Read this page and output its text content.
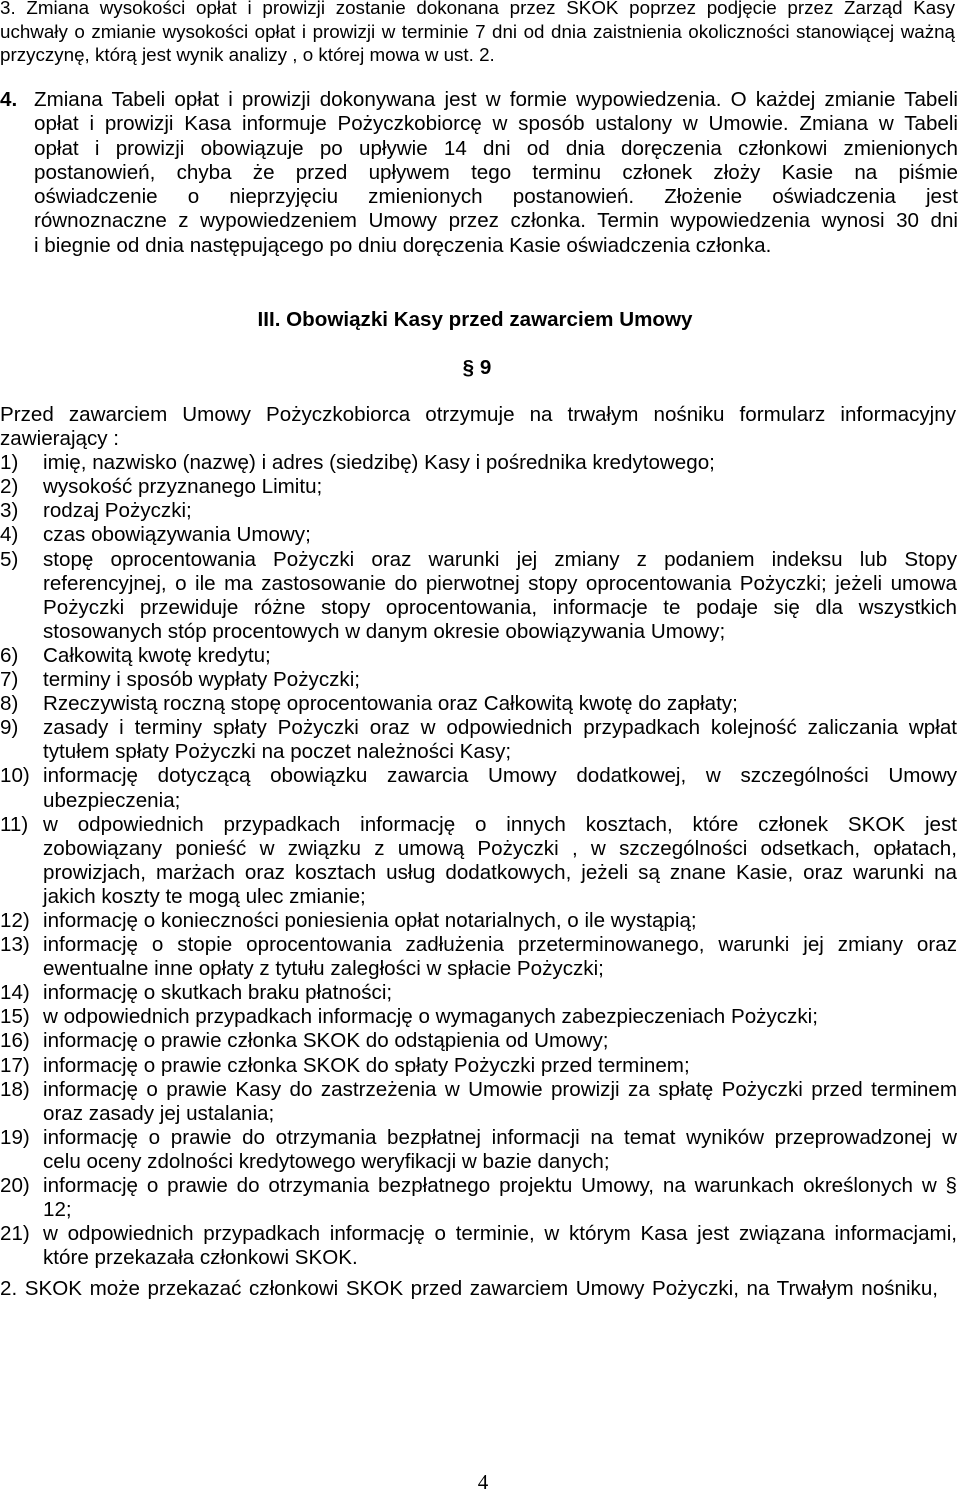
3. Zmiana wysokości opłat i prowizji zostanie dokonana przez SKOK poprzez podjęcie przez Zarząd Kasy
uchwały o zmianie wysokości opłat i prowizji w terminie 7 dni od dnia zaistnienia okoliczności stanowiącej ważną
przyczynę, którą jest wynik analizy , o której mowa w ust. 2.
4. Zmiana Tabeli opłat i prowizji dokonywana jest w formie wypowiedzenia. O każdej zmianie Tabeli
opłat i prowizji Kasa informuje Pożyczkobiorcę w sposób ustalony w Umowie. Zmiana w Tabeli
opłat i prowizji obowiązuje po upływie 14 dni od dnia doręczenia członkowi zmienionych
postanowień, chyba że przed upływem tego terminu członek złoży Kasie na piśmie
oświadczenie o nieprzyjęciu zmienionych postanowień. Złożenie oświadczenia jest
równoznaczne z wypowiedzeniem Umowy przez członka. Termin wypowiedzenia wynosi 30 dni
i biegnie od dnia następującego po dniu doręczenia Kasie oświadczenia członka.
III. Obowiązki Kasy przed zawarciem Umowy
§ 9
Przed zawarciem Umowy Pożyczkobiorca otrzymuje na trwałym nośniku formularz informacyjny
zawierający :
1) imię, nazwisko (nazwę) i adres (siedzibę) Kasy i pośrednika kredytowego;
2) wysokość przyznanego Limitu;
3) rodzaj Pożyczki;
4) czas obowiązywania Umowy;
5) stopę oprocentowania Pożyczki oraz warunki jej zmiany z podaniem indeksu lub Stopy
referencyjnej, o ile ma zastosowanie do pierwotnej stopy oprocentowania Pożyczki; jeżeli umowa
Pożyczki przewiduje różne stopy oprocentowania, informacje te podaje się dla wszystkich
stosowanych stóp procentowych w danym okresie obowiązywania Umowy;
6) Całkowitą kwotę kredytu;
7) terminy i sposób wypłaty Pożyczki;
8) Rzeczywistą roczną stopę oprocentowania oraz Całkowitą kwotę do zapłaty;
9) zasady i terminy spłaty Pożyczki oraz w odpowiednich przypadkach kolejność zaliczania wpłat
tytułem spłaty Pożyczki na poczet należności Kasy;
10) informację dotyczącą obowiązku zawarcia Umowy dodatkowej, w szczególności Umowy
ubezpieczenia;
11) w odpowiednich przypadkach informację o innych kosztach, które członek SKOK jest
zobowiązany ponieść w związku z umową Pożyczki , w szczególności odsetkach, opłatach,
prowizjach, marżach oraz kosztach usług dodatkowych, jeżeli są znane Kasie, oraz warunki na
jakich koszty te mogą ulec zmianie;
12) informację o konieczności poniesienia opłat notarialnych, o ile wystąpią;
13) informację o stopie oprocentowania zadłużenia przeterminowanego, warunki jej zmiany oraz
ewentualne inne opłaty z tytułu zaległości w spłacie Pożyczki;
14) informację o skutkach braku płatności;
15) w odpowiednich przypadkach informację o wymaganych zabezpieczeniach Pożyczki;
16) informację o prawie członka SKOK do odstąpienia od Umowy;
17) informację o prawie członka SKOK do spłaty Pożyczki przed terminem;
18) informację o prawie Kasy do zastrzeżenia w Umowie prowizji za spłatę Pożyczki przed terminem
oraz zasady jej ustalania;
19) informację o prawie do otrzymania bezpłatnej informacji na temat wyników przeprowadzonej w
celu oceny zdolności kredytowego weryfikacji w bazie danych;
20) informację o prawie do otrzymania bezpłatnego projektu Umowy, na warunkach określonych w §
12;
21) w odpowiednich przypadkach informację o terminie, w którym Kasa jest związana informacjami,
które przekazała członkowi SKOK.
2. SKOK może przekazać członkowi SKOK przed zawarciem Umowy Pożyczki, na Trwałym nośniku,
4
